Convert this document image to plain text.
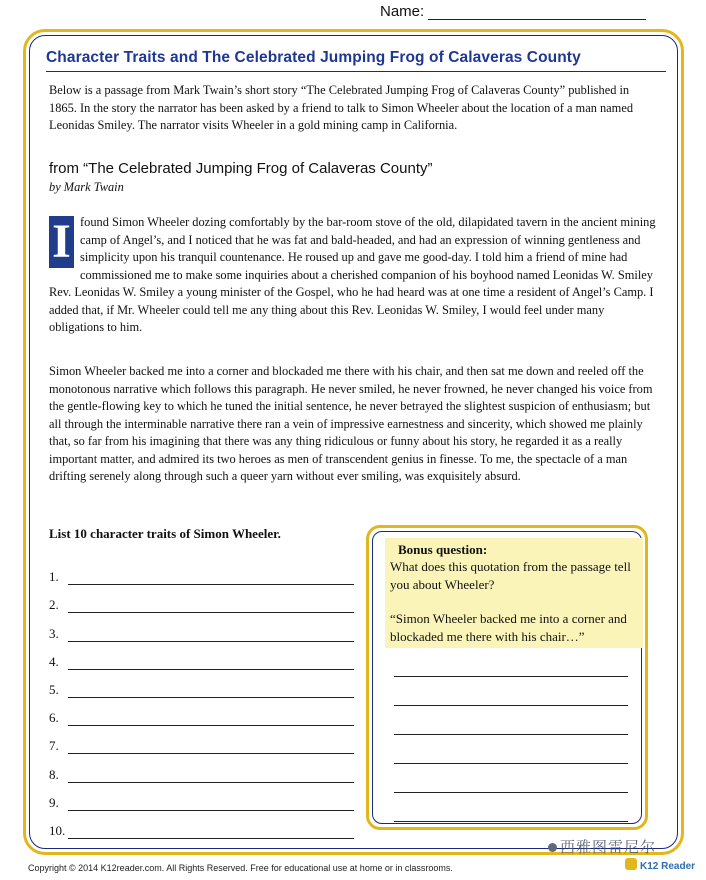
Name:
Character Traits and The Celebrated Jumping Frog of Calaveras County

Below is a passage from Mark Twain’s short story “The Celebrated Jumping Frog of Calaveras County” published in 1865. In the story the narrator has been asked by a friend to talk to Simon Wheeler about the location of a man named Leonidas Smiley. The narrator visits Wheeler in a gold mining camp in California.

from “The Celebrated Jumping Frog of Calaveras County”
by Mark Twain
I found Simon Wheeler dozing comfortably by the bar-room stove of the old, dilapidated tavern in the ancient mining camp of Angel’s, and I noticed that he was fat and bald-headed, and had an expression of winning gentleness and simplicity upon his tranquil countenance. He roused up and gave me good-day. I told him a friend of mine had commissioned me to make some inquiries about a cherished companion of his boyhood named Leonidas W. Smiley Rev. Leonidas W. Smiley a young minister of the Gospel, who he had heard was at one time a resident of Angel’s Camp. I added that, if Mr. Wheeler could tell me any thing about this Rev. Leonidas W. Smiley, I would feel under many obligations to him.

Simon Wheeler backed me into a corner and blockaded me there with his chair, and then sat me down and reeled off the monotonous narrative which follows this paragraph. He never smiled, he never frowned, he never changed his voice from the gentle-flowing key to which he tuned the initial sentence, he never betrayed the slightest suspicion of enthusiasm; but all through the interminable narrative there ran a vein of impressive earnestness and sincerity, which showed me plainly that, so far from his imagining that there was any thing ridiculous or funny about his story, he regarded it as a really important matter, and admired its two heroes as men of transcendent genius in finesse. To me, the spectacle of a man drifting serenely along through such a queer yarn without ever smiling, was exquisitely absurd.

List 10 character traits of Simon Wheeler.
1.
2.
3.
4.
5.
6.
7.
8.
9.
10.
Bonus question:
What does this quotation from the passage tell you about Wheeler?
“Simon Wheeler backed me into a corner and blockaded me there with his chair…”
Copyright © 2014 K12reader.com. All Rights Reserved. Free for educational use at home or in classrooms.
西雅图雷尼尔
K12 Reader
